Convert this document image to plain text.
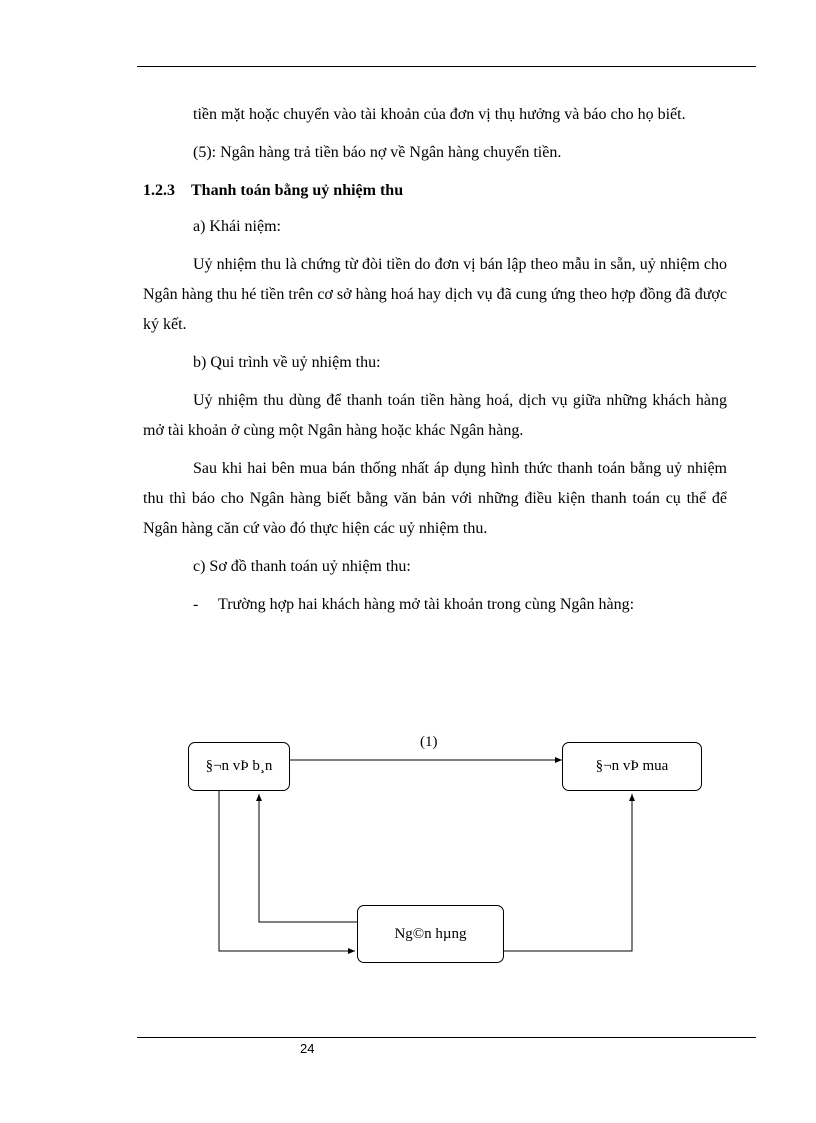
tiền mặt hoặc chuyển vào tài khoản của đơn vị thụ hưởng và báo cho họ biết.

(5): Ngân hàng trả tiền báo nợ về Ngân hàng chuyển tiền.

1.2.3 Thanh toán bằng uỷ nhiệm thu

a) Khái niệm:

Uỷ nhiệm thu là chứng từ đòi tiền do đơn vị bán lập theo mẫu in sẵn, uỷ nhiệm cho Ngân hàng thu hé tiền trên cơ sở hàng hoá hay dịch vụ đã cung ứng theo hợp đồng đã được ký kết.

b) Qui trình về uỷ nhiệm thu:

Uỷ nhiệm thu dùng để thanh toán tiền hàng hoá, dịch vụ giữa những khách hàng mở tài khoản ở cùng một Ngân hàng hoặc khác Ngân hàng.

Sau khi hai bên mua bán thống nhất áp dụng hình thức thanh toán bằng uỷ nhiệm thu thì báo cho Ngân hàng biết bằng văn bản với những điều kiện thanh toán cụ thể để Ngân hàng căn cứ vào đó thực hiện các uỷ nhiệm thu.

c) Sơ đồ thanh toán uỷ nhiệm thu:

-	Trường hợp hai khách hàng mở tài khoản trong cùng Ngân hàng:

(1)
§¬n vÞ b¸n	§¬n vÞ mua
Ng©n hµng
24
